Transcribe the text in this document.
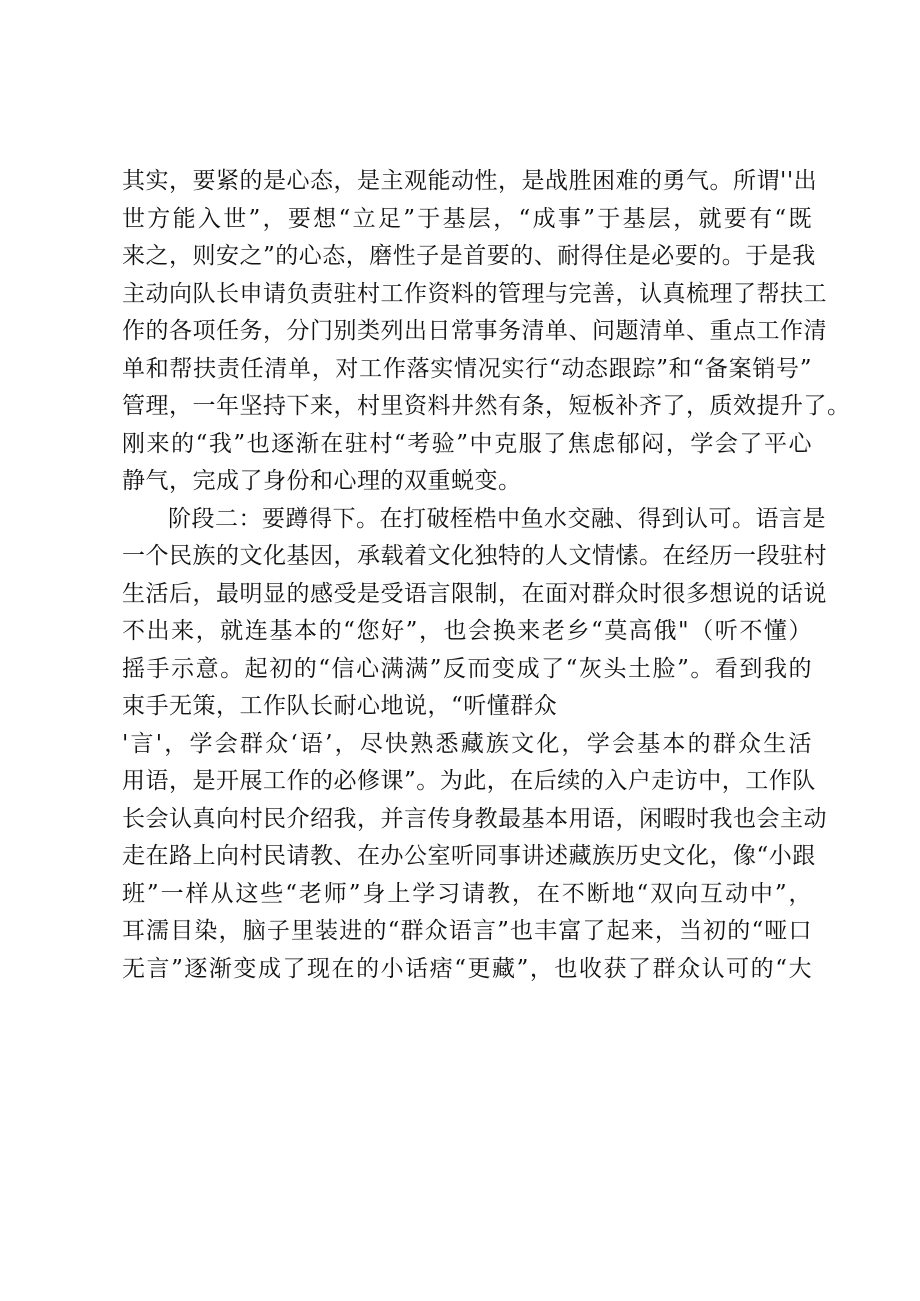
其实，要紧的是心态，是主观能动性，是战胜困难的勇气。所谓''出
世方能入世”，要想“立足”于基层，“成事”于基层，就要有“既
来之，则安之”的心态，磨性子是首要的、耐得住是必要的。于是我
主动向队长申请负责驻村工作资料的管理与完善，认真梳理了帮扶工
作的各项任务，分门别类列出日常事务清单、问题清单、重点工作清
单和帮扶责任清单，对工作落实情况实行“动态跟踪”和“备案销号”
管理，一年坚持下来，村里资料井然有条，短板补齐了，质效提升了。
刚来的“我”也逐渐在驻村“考验”中克服了焦虑郁闷，学会了平心
静气，完成了身份和心理的双重蜕变。
阶段二：要蹲得下。在打破桎梏中鱼水交融、得到认可。语言是
一个民族的文化基因，承载着文化独特的人文情愫。在经历一段驻村
生活后，最明显的感受是受语言限制，在面对群众时很多想说的话说
不出来，就连基本的“您好”，也会换来老乡“莫高俄"（听不懂）
摇手示意。起初的“信心满满”反而变成了“灰头土脸”。看到我的
束手无策，工作队长耐心地说，“听懂群众
'言'，学会群众‘语’，尽快熟悉藏族文化，学会基本的群众生活
用语，是开展工作的必修课”。为此，在后续的入户走访中，工作队
长会认真向村民介绍我，并言传身教最基本用语，闲暇时我也会主动
走在路上向村民请教、在办公室听同事讲述藏族历史文化，像“小跟
班”一样从这些“老师”身上学习请教，在不断地“双向互动中”，
耳濡目染，脑子里装进的“群众语言”也丰富了起来，当初的“哑口
无言”逐渐变成了现在的小话痞“更藏”，也收获了群众认可的“大
